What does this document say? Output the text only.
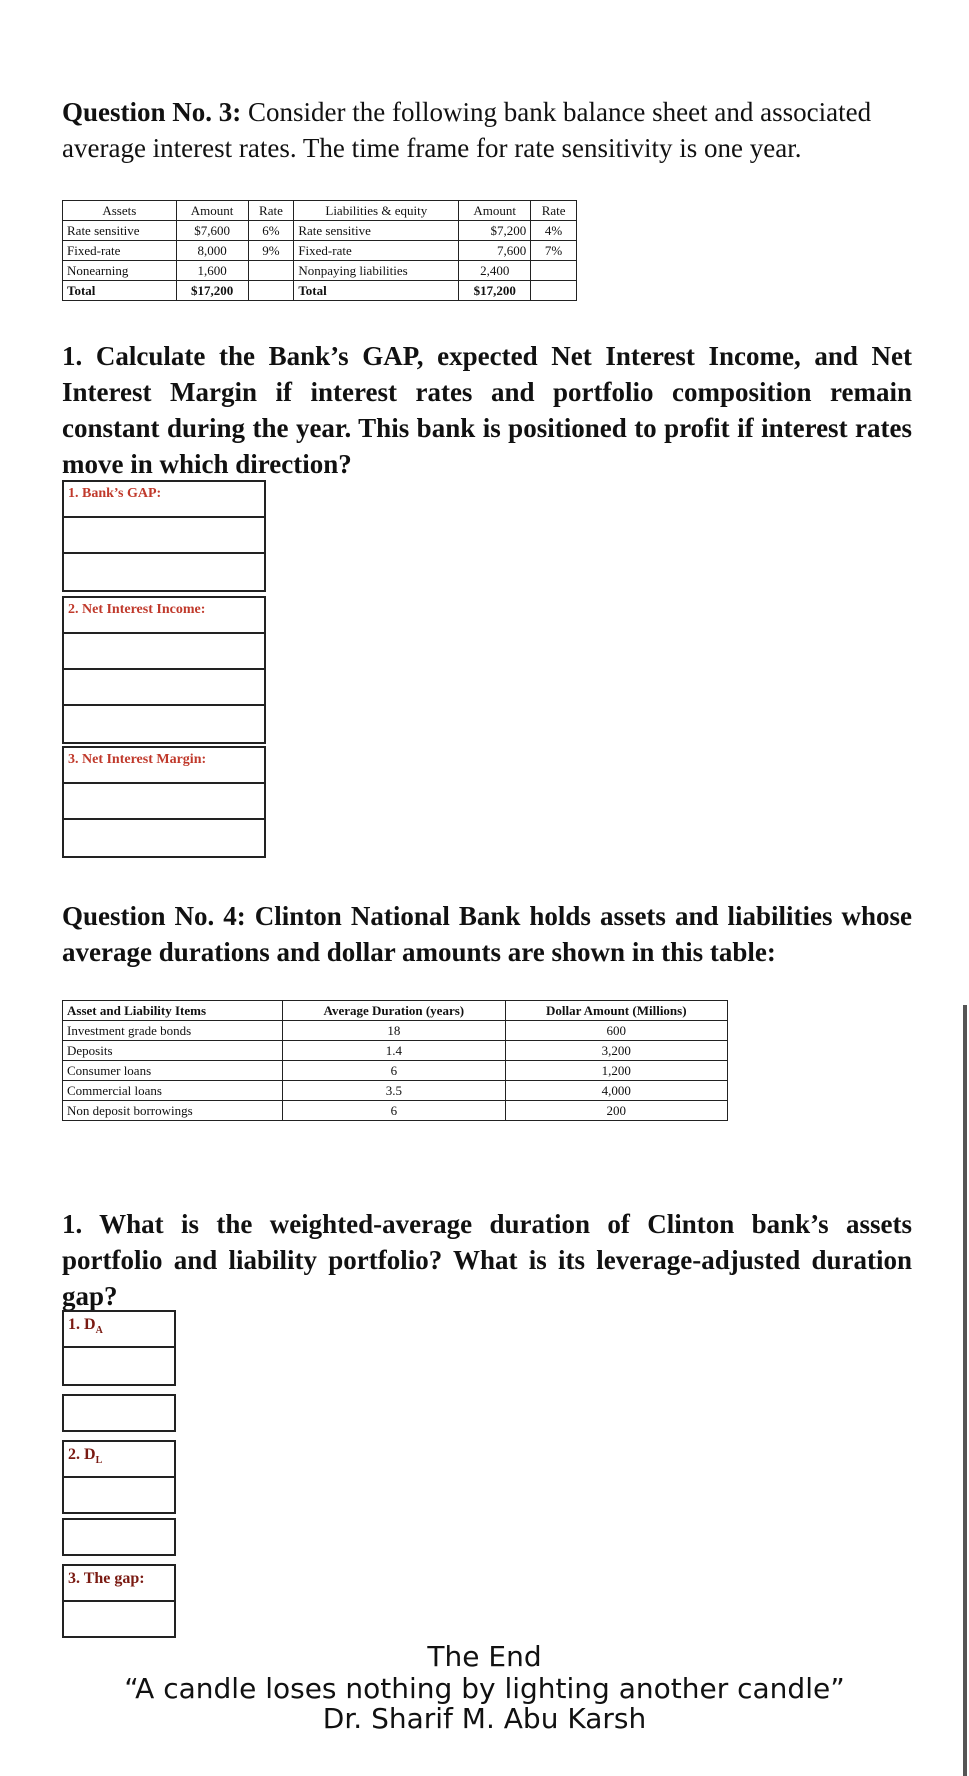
Question No. 3: Consider the following bank balance sheet and associated average interest rates. The time frame for rate sensitivity is one year.
Assets	Amount	Rate	Liabilities & equity	Amount	Rate
Rate sensitive	$7,600	6%	Rate sensitive	$7,200	4%
Fixed-rate	8,000	9%	Fixed-rate	7,600	7%
Nonearning	1,600		Nonpaying liabilities	2,400	
Total	$17,200		Total	$17,200	
1. Calculate the Bank’s GAP, expected Net Interest Income, and Net Interest Margin if interest rates and portfolio composition remain constant during the year. This bank is positioned to profit if interest rates move in which direction?
1. Bank’s GAP:
2. Net Interest Income:
3. Net Interest Margin:
Question No. 4: Clinton National Bank holds assets and liabilities whose average durations and dollar amounts are shown in this table:
Asset and Liability Items	Average Duration (years)	Dollar Amount (Millions)
Investment grade bonds	18	600
Deposits	1.4	3,200
Consumer loans	6	1,200
Commercial loans	3.5	4,000
Non deposit borrowings	6	200
1. What is the weighted-average duration of Clinton bank’s assets portfolio and liability portfolio? What is its leverage-adjusted duration gap?
1. $D_A$
2. $D_L$
3. The gap:
The End
“A candle loses nothing by lighting another candle”
Dr. Sharif M. Abu Karsh
